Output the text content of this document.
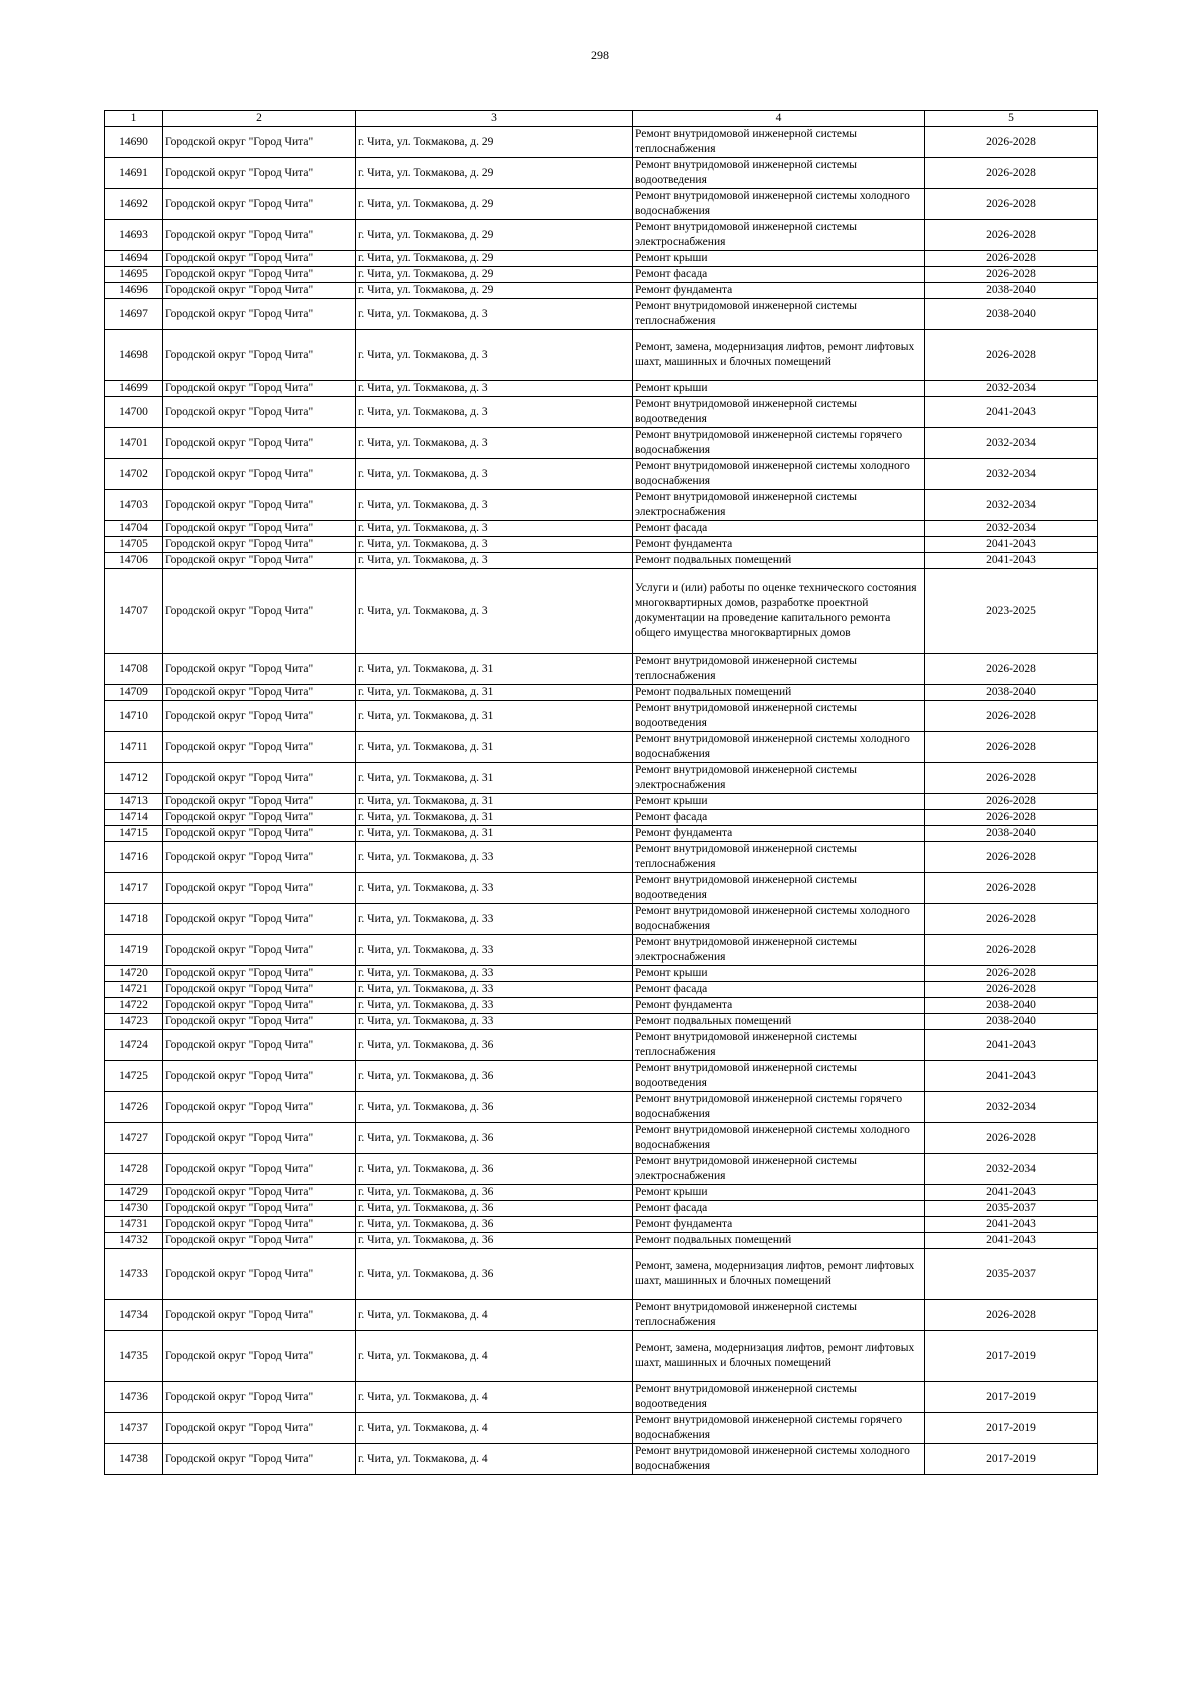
298
1	2	3	4	5
14690	Городской округ "Город Чита"	г. Чита, ул. Токмакова, д. 29	Ремонт внутридомовой инженерной системы теплоснабжения	2026-2028
14691	Городской округ "Город Чита"	г. Чита, ул. Токмакова, д. 29	Ремонт внутридомовой инженерной системы водоотведения	2026-2028
14692	Городской округ "Город Чита"	г. Чита, ул. Токмакова, д. 29	Ремонт внутридомовой инженерной системы холодного водоснабжения	2026-2028
14693	Городской округ "Город Чита"	г. Чита, ул. Токмакова, д. 29	Ремонт внутридомовой инженерной системы электроснабжения	2026-2028
14694	Городской округ "Город Чита"	г. Чита, ул. Токмакова, д. 29	Ремонт крыши	2026-2028
14695	Городской округ "Город Чита"	г. Чита, ул. Токмакова, д. 29	Ремонт фасада	2026-2028
14696	Городской округ "Город Чита"	г. Чита, ул. Токмакова, д. 29	Ремонт фундамента	2038-2040
14697	Городской округ "Город Чита"	г. Чита, ул. Токмакова, д. 3	Ремонт внутридомовой инженерной системы теплоснабжения	2038-2040
14698	Городской округ "Город Чита"	г. Чита, ул. Токмакова, д. 3	Ремонт, замена, модернизация лифтов, ремонт лифтовых шахт, машинных и блочных помещений	2026-2028
14699	Городской округ "Город Чита"	г. Чита, ул. Токмакова, д. 3	Ремонт крыши	2032-2034
14700	Городской округ "Город Чита"	г. Чита, ул. Токмакова, д. 3	Ремонт внутридомовой инженерной системы водоотведения	2041-2043
14701	Городской округ "Город Чита"	г. Чита, ул. Токмакова, д. 3	Ремонт внутридомовой инженерной системы горячего водоснабжения	2032-2034
14702	Городской округ "Город Чита"	г. Чита, ул. Токмакова, д. 3	Ремонт внутридомовой инженерной системы холодного водоснабжения	2032-2034
14703	Городской округ "Город Чита"	г. Чита, ул. Токмакова, д. 3	Ремонт внутридомовой инженерной системы электроснабжения	2032-2034
14704	Городской округ "Город Чита"	г. Чита, ул. Токмакова, д. 3	Ремонт фасада	2032-2034
14705	Городской округ "Город Чита"	г. Чита, ул. Токмакова, д. 3	Ремонт фундамента	2041-2043
14706	Городской округ "Город Чита"	г. Чита, ул. Токмакова, д. 3	Ремонт подвальных помещений	2041-2043
14707	Городской округ "Город Чита"	г. Чита, ул. Токмакова, д. 3	Услуги и (или) работы по оценке технического состояния многоквартирных домов, разработке проектной документации на проведение капитального ремонта общего имущества многоквартирных домов	2023-2025
14708	Городской округ "Город Чита"	г. Чита, ул. Токмакова, д. 31	Ремонт внутридомовой инженерной системы теплоснабжения	2026-2028
14709	Городской округ "Город Чита"	г. Чита, ул. Токмакова, д. 31	Ремонт подвальных помещений	2038-2040
14710	Городской округ "Город Чита"	г. Чита, ул. Токмакова, д. 31	Ремонт внутридомовой инженерной системы водоотведения	2026-2028
14711	Городской округ "Город Чита"	г. Чита, ул. Токмакова, д. 31	Ремонт внутридомовой инженерной системы холодного водоснабжения	2026-2028
14712	Городской округ "Город Чита"	г. Чита, ул. Токмакова, д. 31	Ремонт внутридомовой инженерной системы электроснабжения	2026-2028
14713	Городской округ "Город Чита"	г. Чита, ул. Токмакова, д. 31	Ремонт крыши	2026-2028
14714	Городской округ "Город Чита"	г. Чита, ул. Токмакова, д. 31	Ремонт фасада	2026-2028
14715	Городской округ "Город Чита"	г. Чита, ул. Токмакова, д. 31	Ремонт фундамента	2038-2040
14716	Городской округ "Город Чита"	г. Чита, ул. Токмакова, д. 33	Ремонт внутридомовой инженерной системы теплоснабжения	2026-2028
14717	Городской округ "Город Чита"	г. Чита, ул. Токмакова, д. 33	Ремонт внутридомовой инженерной системы водоотведения	2026-2028
14718	Городской округ "Город Чита"	г. Чита, ул. Токмакова, д. 33	Ремонт внутридомовой инженерной системы холодного водоснабжения	2026-2028
14719	Городской округ "Город Чита"	г. Чита, ул. Токмакова, д. 33	Ремонт внутридомовой инженерной системы электроснабжения	2026-2028
14720	Городской округ "Город Чита"	г. Чита, ул. Токмакова, д. 33	Ремонт крыши	2026-2028
14721	Городской округ "Город Чита"	г. Чита, ул. Токмакова, д. 33	Ремонт фасада	2026-2028
14722	Городской округ "Город Чита"	г. Чита, ул. Токмакова, д. 33	Ремонт фундамента	2038-2040
14723	Городской округ "Город Чита"	г. Чита, ул. Токмакова, д. 33	Ремонт подвальных помещений	2038-2040
14724	Городской округ "Город Чита"	г. Чита, ул. Токмакова, д. 36	Ремонт внутридомовой инженерной системы теплоснабжения	2041-2043
14725	Городской округ "Город Чита"	г. Чита, ул. Токмакова, д. 36	Ремонт внутридомовой инженерной системы водоотведения	2041-2043
14726	Городской округ "Город Чита"	г. Чита, ул. Токмакова, д. 36	Ремонт внутридомовой инженерной системы горячего водоснабжения	2032-2034
14727	Городской округ "Город Чита"	г. Чита, ул. Токмакова, д. 36	Ремонт внутридомовой инженерной системы холодного водоснабжения	2026-2028
14728	Городской округ "Город Чита"	г. Чита, ул. Токмакова, д. 36	Ремонт внутридомовой инженерной системы электроснабжения	2032-2034
14729	Городской округ "Город Чита"	г. Чита, ул. Токмакова, д. 36	Ремонт крыши	2041-2043
14730	Городской округ "Город Чита"	г. Чита, ул. Токмакова, д. 36	Ремонт фасада	2035-2037
14731	Городской округ "Город Чита"	г. Чита, ул. Токмакова, д. 36	Ремонт фундамента	2041-2043
14732	Городской округ "Город Чита"	г. Чита, ул. Токмакова, д. 36	Ремонт подвальных помещений	2041-2043
14733	Городской округ "Город Чита"	г. Чита, ул. Токмакова, д. 36	Ремонт, замена, модернизация лифтов, ремонт лифтовых шахт, машинных и блочных помещений	2035-2037
14734	Городской округ "Город Чита"	г. Чита, ул. Токмакова, д. 4	Ремонт внутридомовой инженерной системы теплоснабжения	2026-2028
14735	Городской округ "Город Чита"	г. Чита, ул. Токмакова, д. 4	Ремонт, замена, модернизация лифтов, ремонт лифтовых шахт, машинных и блочных помещений	2017-2019
14736	Городской округ "Город Чита"	г. Чита, ул. Токмакова, д. 4	Ремонт внутридомовой инженерной системы водоотведения	2017-2019
14737	Городской округ "Город Чита"	г. Чита, ул. Токмакова, д. 4	Ремонт внутридомовой инженерной системы горячего водоснабжения	2017-2019
14738	Городской округ "Город Чита"	г. Чита, ул. Токмакова, д. 4	Ремонт внутридомовой инженерной системы холодного водоснабжения	2017-2019
